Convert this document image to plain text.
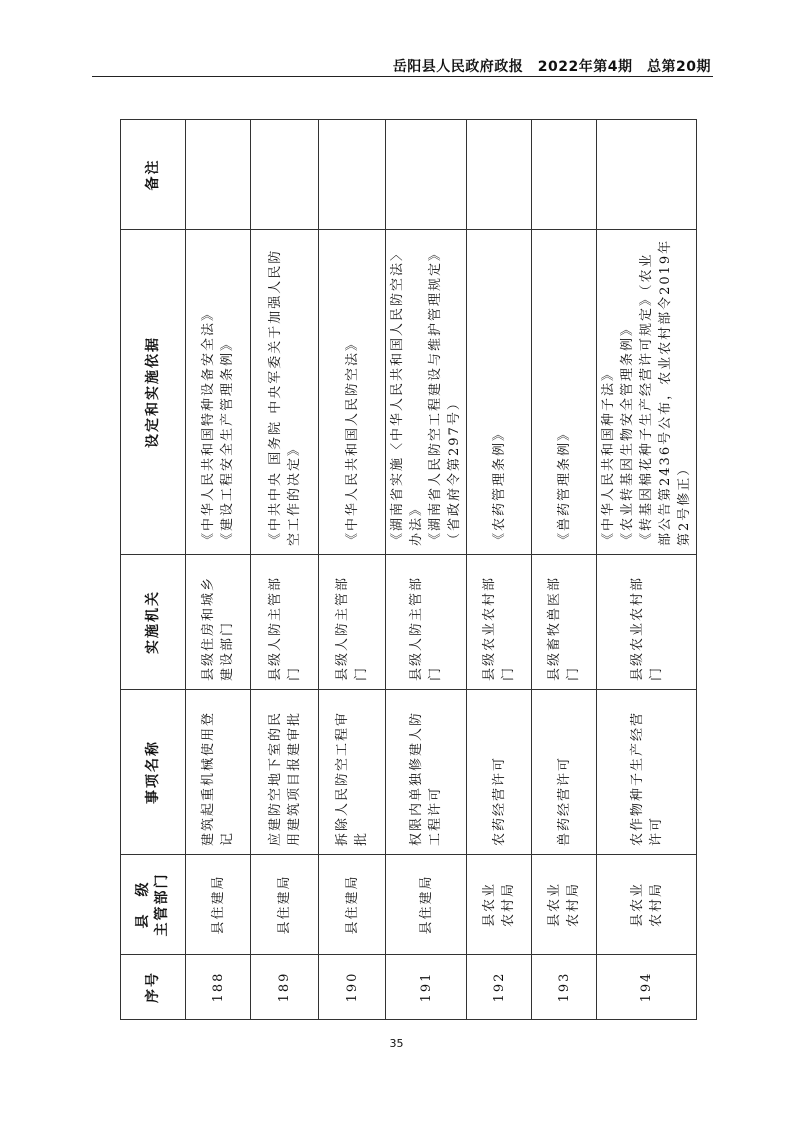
岳阳县人民政府政报　2022年第4期　总第20期
序号	县　级
主管部门	事项名称	实施机关	设定和实施依据	备注
188	县住建局	建筑起重机械使用登记	县级住房和城乡建设部门	《中华人民共和国特种设备安全法》
《建设工程安全生产管理条例》	
189	县住建局	应建防空地下室的民用建筑项目报建审批	县级人防主管部门	《中共中央 国务院 中央军委关于加强人民防空工作的决定》	
190	县住建局	拆除人民防空工程审批	县级人防主管部门	《中华人民共和国人民防空法》	
191	县住建局	权限内单独修建人防工程许可	县级人防主管部门	《湖南省实施〈中华人民共和国人民防空法〉办法》
《湖南省人民防空工程建设与维护管理规定》（省政府令第297号）	
192	县农业
农村局	农药经营许可	县级农业农村部门	《农药管理条例》	
193	县农业
农村局	兽药经营许可	县级畜牧兽医部门	《兽药管理条例》	
194	县农业
农村局	农作物种子生产经营许可	县级农业农村部门	《中华人民共和国种子法》
《农业转基因生物安全管理条例》
《转基因棉花种子生产经营许可规定》（农业部公告第2436号公布，农业农村部令2019年第2号修正）	
35
